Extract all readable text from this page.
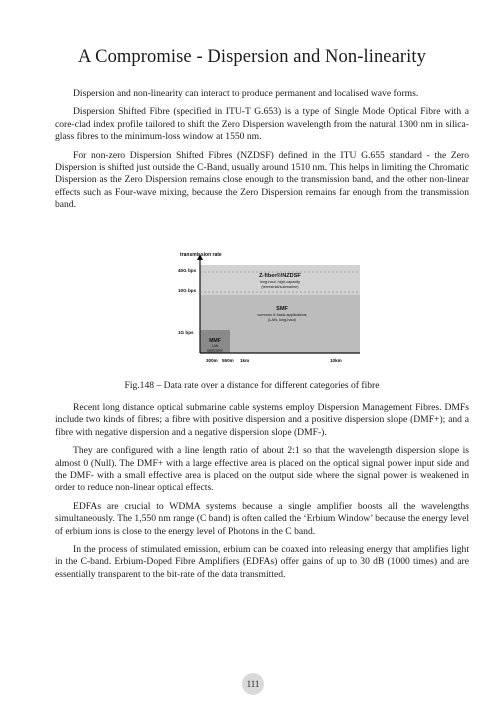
A Compromise - Dispersion and Non-linearity

Dispersion and non-linearity can interact to produce permanent and localised wave forms.

Dispersion Shifted Fibre (specified in ITU-T G.653) is a type of Single Mode Optical Fibre with a core-clad index profile tailored to shift the Zero Dispersion wavelength from the natural 1300 nm in silica-glass fibres to the minimum-loss window at 1550 nm.

For non-zero Dispersion Shifted Fibres (NZDSF) defined in the ITU G.655 standard - the Zero Dispersion is shifted just outside the C-Band, usually around 1510 nm. This helps in limiting the Chromatic Dispersion as the Zero Dispersion remains close enough to the transmission band, and the other non-linear effects such as Four-wave mixing, because the Zero Dispersion remains far enough from the transmission band.

transmission rate
40G bps
10G bps
1G bps
300m 550m 1km	10km
Z-fiber®/NZDSF
long-haul, high-capacity
(terrestrial/submarine)
SMF
common & basic applications
(LAN, long-haul)
MMF
LAN
application
Fig.148 – Data rate over a distance for different categories of fibre

Recent long distance optical submarine cable systems employ Dispersion Management Fibres. DMFs include two kinds of fibres; a fibre with positive dispersion and a positive dispersion slope (DMF+); and a fibre with negative dispersion and a negative dispersion slope (DMF-).

They are configured with a line length ratio of about 2:1 so that the wavelength dispersion slope is almost 0 (Null). The DMF+ with a large effective area is placed on the optical signal power input side and the DMF- with a small effective area is placed on the output side where the signal power is weakened in order to reduce non-linear optical effects.

EDFAs are crucial to WDMA systems because a single amplifier boosts all the wavelengths simultaneously. The 1,550 nm range (C band) is often called the ‘Erbium Window’ because the energy level of erbium ions is close to the energy level of Photons in the C band.

In the process of stimulated emission, erbium can be coaxed into releasing energy that amplifies light in the C-band. Erbium-Doped Fibre Amplifiers (EDFAs) offer gains of up to 30 dB (1000 times) and are essentially transparent to the bit-rate of the data transmitted.

111
